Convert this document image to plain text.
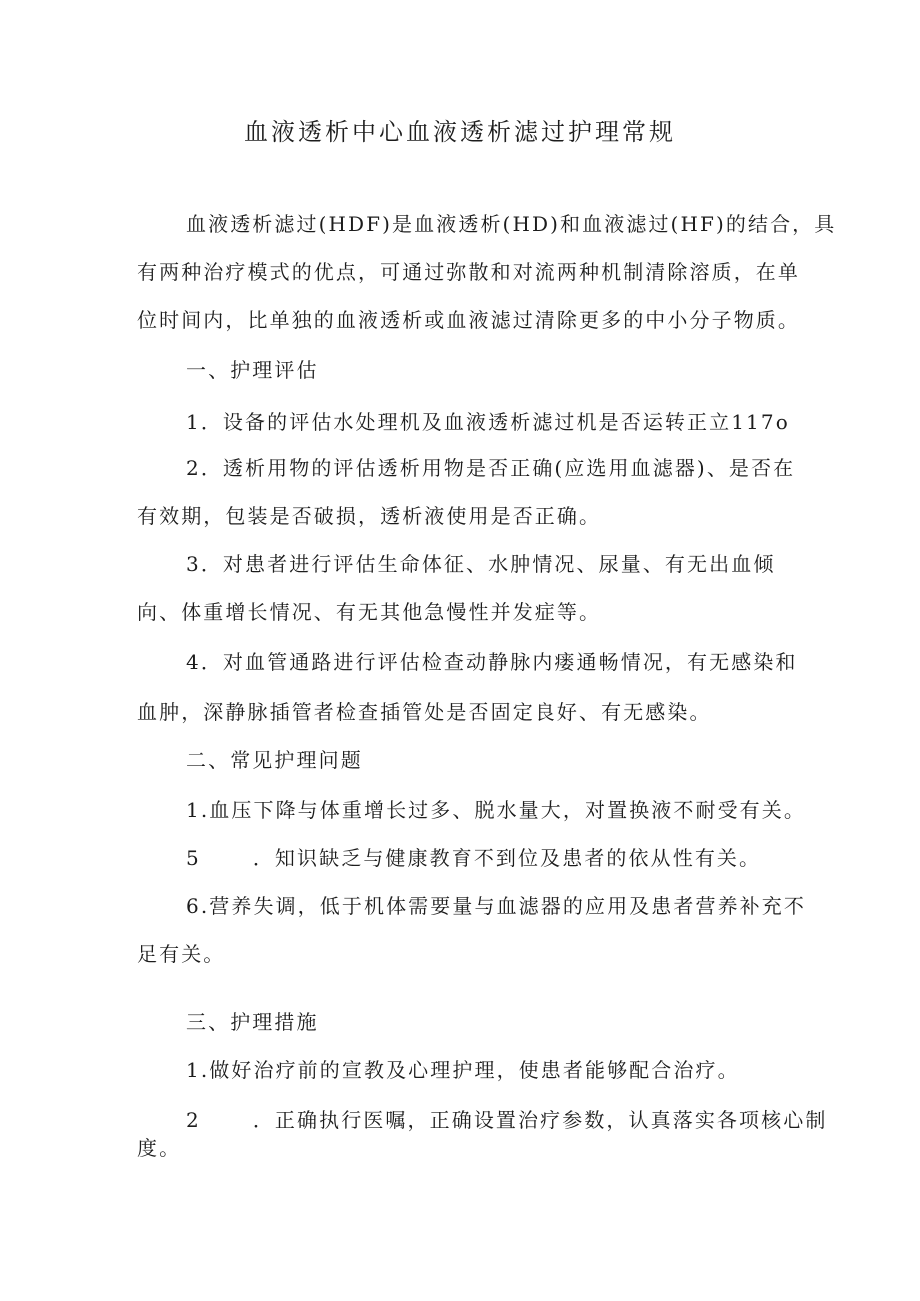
血液透析中心血液透析滤过护理常规
血液透析滤过(HDF)是血液透析(HD)和血液滤过(HF)的结合，具
有两种治疗模式的优点，可通过弥散和对流两种机制清除溶质，在单
位时间内，比单独的血液透析或血液滤过清除更多的中小分子物质。
一、护理评估
1．设备的评估水处理机及血液透析滤过机是否运转正立117o
2．透析用物的评估透析用物是否正确(应选用血滤器)、是否在
有效期，包装是否破损，透析液使用是否正确。
3．对患者进行评估生命体征、水肿情况、尿量、有无出血倾
向、体重增长情况、有无其他急慢性并发症等。
4．对血管通路进行评估检查动静脉内瘘通畅情况，有无感染和
血肿，深静脉插管者检查插管处是否固定良好、有无感染。
二、常见护理问题
1.血压下降与体重增长过多、脱水量大，对置换液不耐受有关。
5	．知识缺乏与健康教育不到位及患者的依从性有关。
6.营养失调，低于机体需要量与血滤器的应用及患者营养补充不
足有关。
三、护理措施
1.做好治疗前的宣教及心理护理，使患者能够配合治疗。
2	．正确执行医嘱，正确设置治疗参数，认真落实各项核心制
度。
